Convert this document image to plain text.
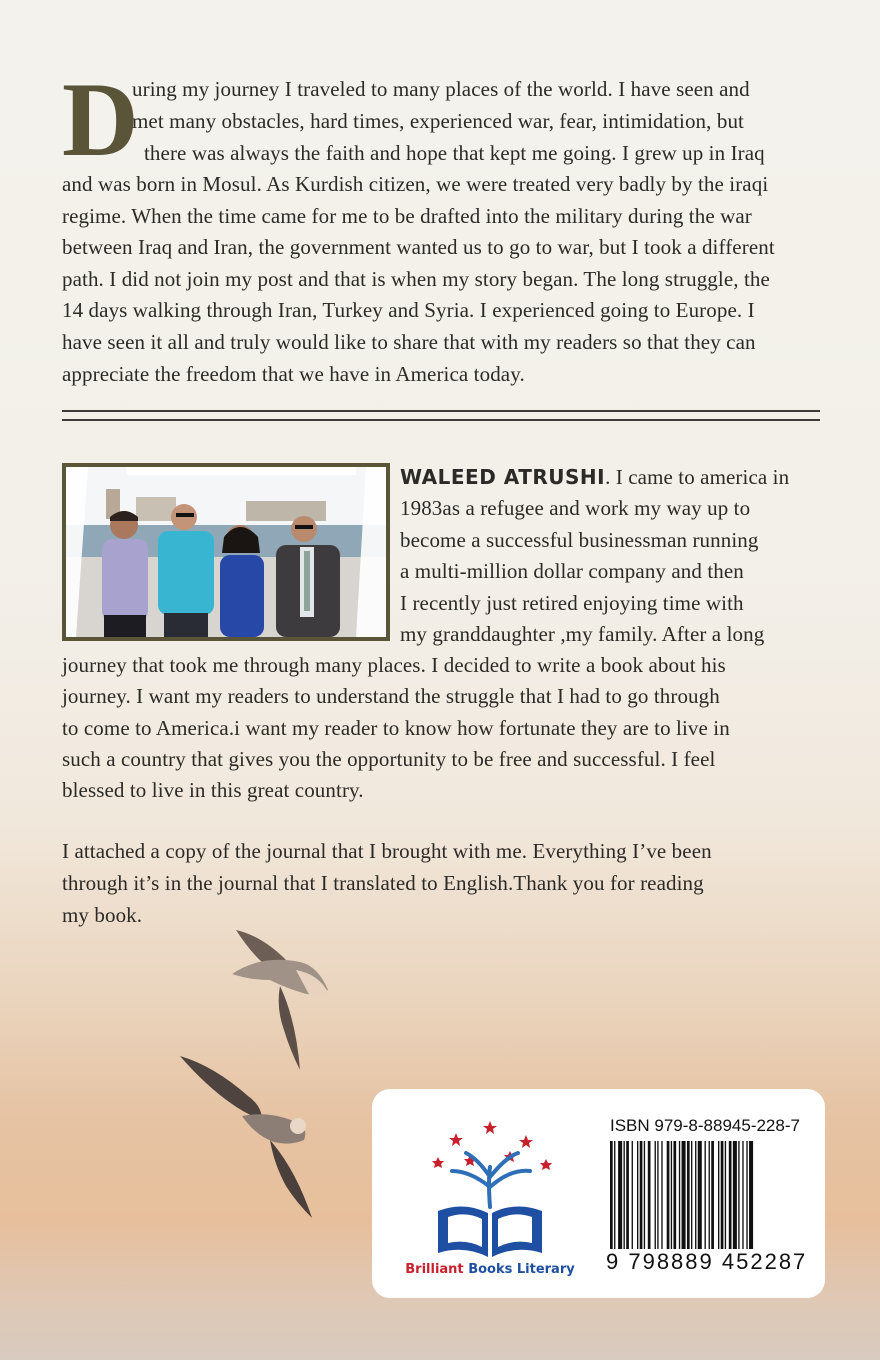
D
uring my journey I traveled to many places of the world. I have seen and
met many obstacles, hard times, experienced war, fear, intimidation, but
there was always the faith and hope that kept me going. I grew up in Iraq
and was born in Mosul. As Kurdish citizen, we were treated very badly by the iraqi
regime. When the time came for me to be drafted into the military during the war
between Iraq and Iran, the government wanted us to go to war, but I took a different
path. I did not join my post and that is when my story began. The long struggle, the
14 days walking through Iran, Turkey and Syria. I experienced going to Europe. I
have seen it all and truly would like to share that with my readers so that they can
appreciate the freedom that we have in America today.
WALEED ATRUSHI. I came to america in
1983as a refugee and work my way up to
become a successful businessman running
a multi-million dollar company and then
I recently just retired enjoying time with
my granddaughter ,my family. After a long
journey that took me through many places. I decided to write a book about his
journey. I want my readers to understand the struggle that I had to go through
to come to America.i want my reader to know how fortunate they are to live in
such a country that gives you the opportunity to be free and successful. I feel
blessed to live in this great country.
I attached a copy of the journal that I brought with me. Everything I’ve been
through it’s in the journal that I translated to English.Thank you for reading
my book.
Brilliant Books Literary
ISBN 979-8-88945-228-7
9 798889 452287
